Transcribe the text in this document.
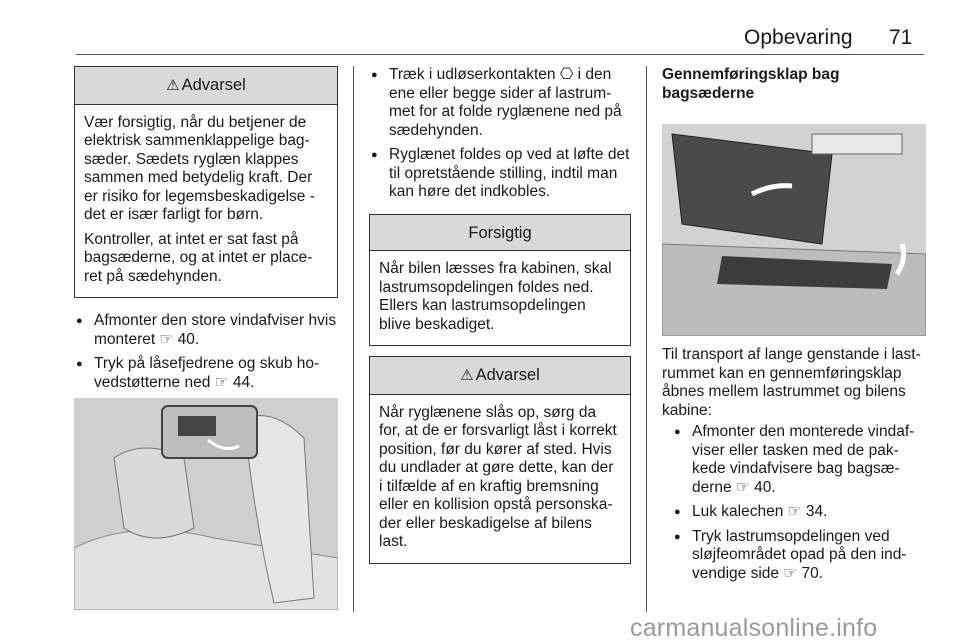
Opbevaring 71
⚠ Advarsel

Vær forsigtig, når du betjener de elektrisk sammenklappelige bag-sæder. Sædets ryglæn klappes sammen med betydelig kraft. Der er risiko for legemsbeskadigelse - det er især farligt for børn.

Kontroller, at intet er sat fast på bagsæderne, og at intet er place-ret på sædehynden.

● Afmonter den store vindafviser hvis monteret ☞ 40.
● Tryk på låsefjedrene og skub ho-vedstøtterne ned ☞ 44.
● Træk i udløserkontakten ⎔ i den ene eller begge sider af lastrum-met for at folde ryglænene ned på sædehynden.
● Ryglænet foldes op ved at løfte det til opretstående stilling, indtil man kan høre det indkobles.
Forsigtig

Når bilen læsses fra kabinen, skal lastrumsopdelingen foldes ned. Ellers kan lastrumsopdelingen blive beskadiget.

⚠ Advarsel

Når ryglænene slås op, sørg da for, at de er forsvarligt låst i korrekt position, før du kører af sted. Hvis du undlader at gøre dette, kan der i tilfælde af en kraftig bremsning eller en kollision opstå personska-der eller beskadigelse af bilens last.

Gennemføringsklap bag bagsæderne

Til transport af lange genstande i last-rummet kan en gennemføringsklap åbnes mellem lastrummet og bilens kabine:

● Afmonter den monterede vindaf-viser eller tasken med de pak-kede vindafvisere bag bagsæ-derne ☞ 40.
● Luk kalechen ☞ 34.
● Tryk lastrumsopdelingen ved sløjfeområdet opad på den ind-vendige side ☞ 70.
carmanualsonline.info
